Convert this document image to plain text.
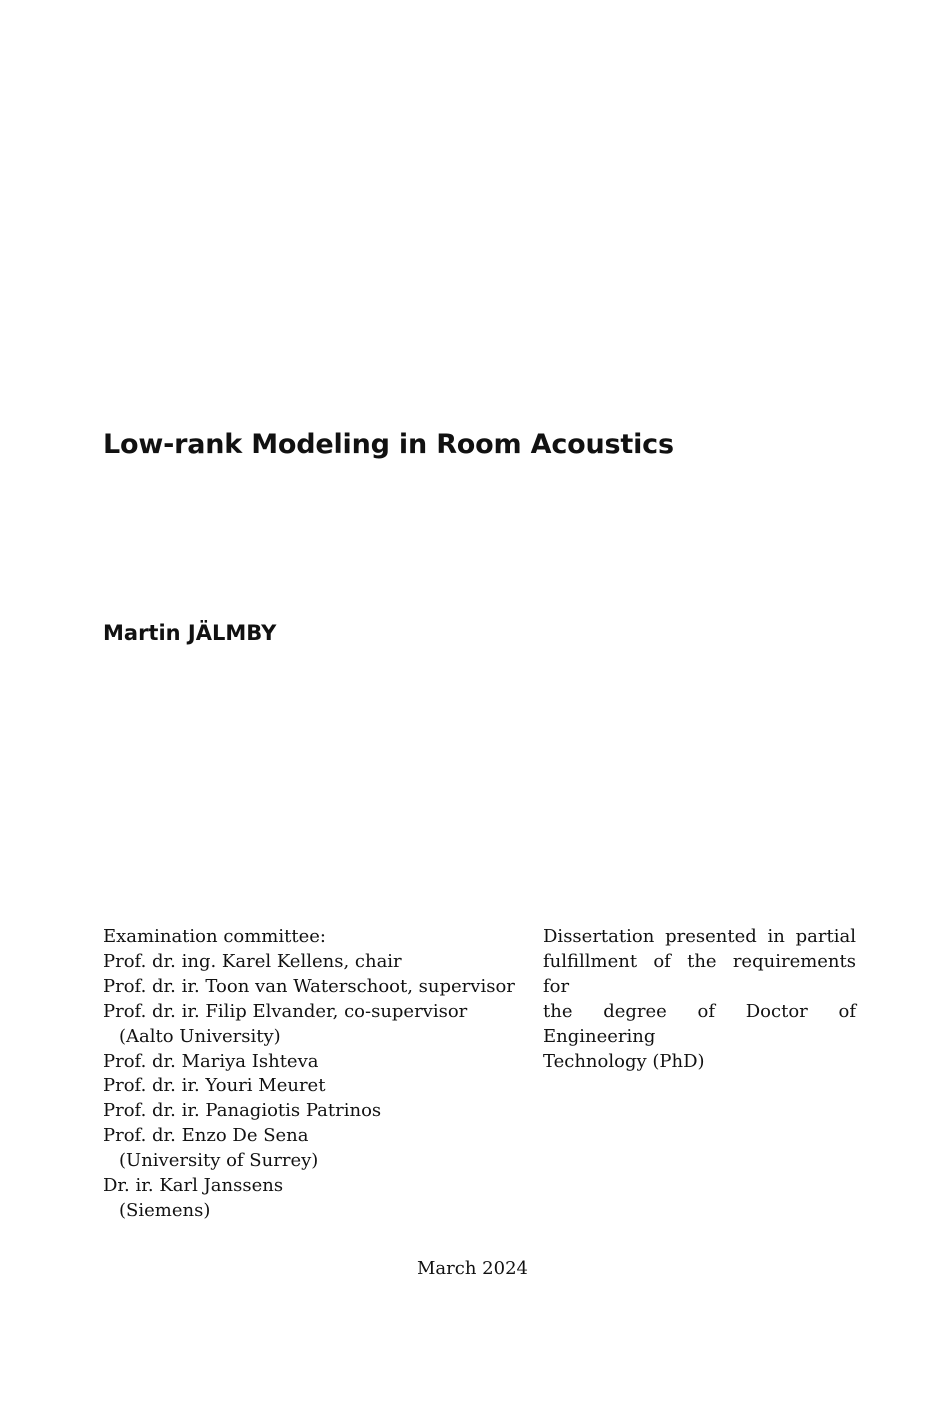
Low-rank Modeling in Room Acoustics
Martin JÄLMBY
Examination committee:
Prof. dr. ing. Karel Kellens, chair
Prof. dr. ir. Toon van Waterschoot, supervisor
Prof. dr. ir. Filip Elvander, co-supervisor
(Aalto University)
Prof. dr. Mariya Ishteva
Prof. dr. ir. Youri Meuret
Prof. dr. ir. Panagiotis Patrinos
Prof. dr. Enzo De Sena
(University of Surrey)
Dr. ir. Karl Janssens
(Siemens)
Dissertation presented in partial
fulfillment of the requirements for
the degree of Doctor of Engineering
Technology (PhD)
March 2024
